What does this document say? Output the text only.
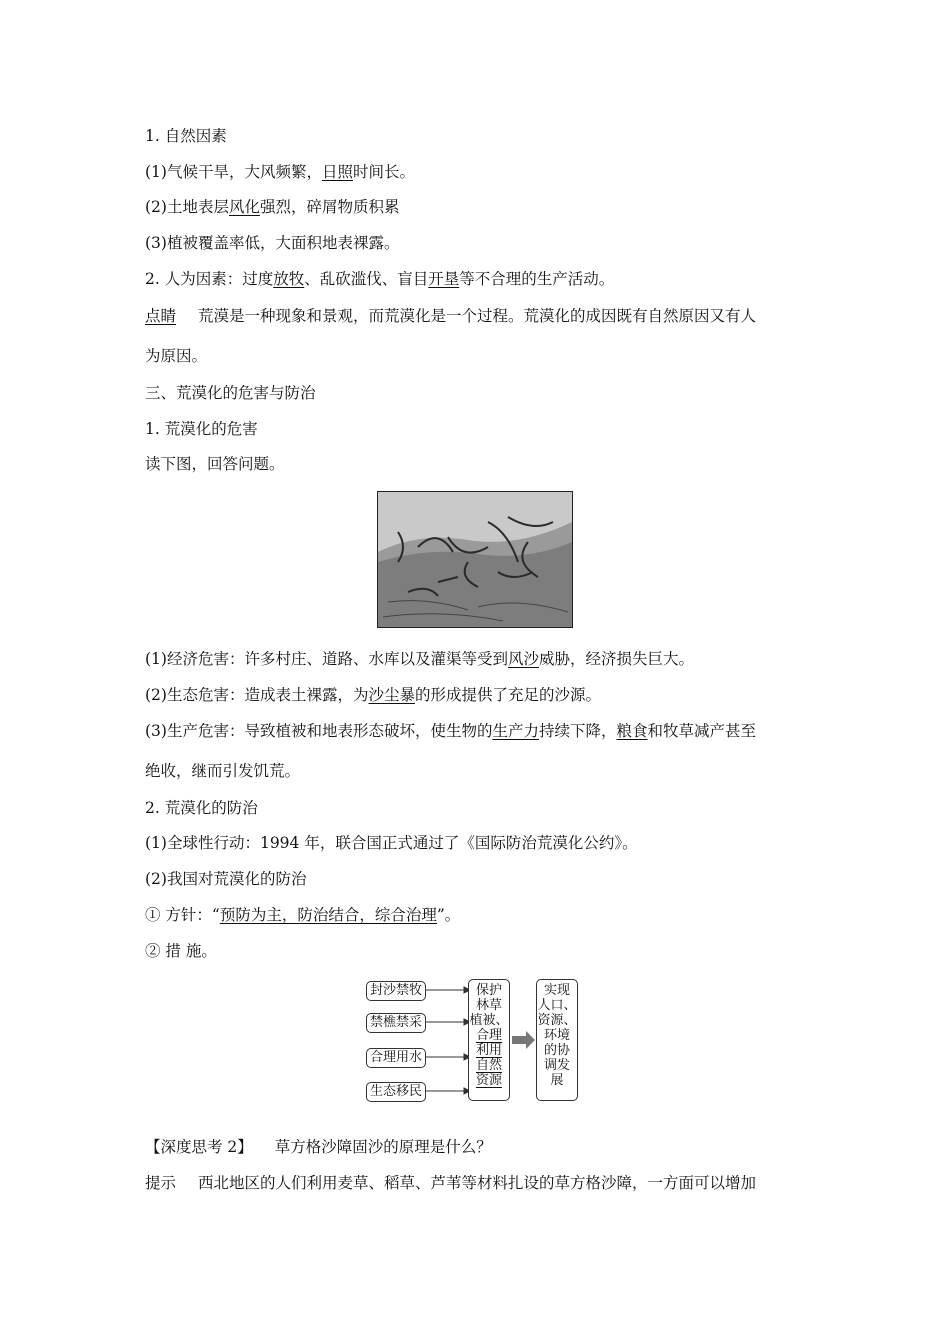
1. 自然因素
(1)气候干旱，大风频繁，日照时间长。
(2)土地表层风化强烈，碎屑物质积累
(3)植被覆盖率低，大面积地表裸露。
2. 人为因素：过度放牧、乱砍滥伐、盲目开垦等不合理的生产活动。
点睛 荒漠是一种现象和景观，而荒漠化是一个过程。荒漠化的成因既有自然原因又有人
为原因。
三、荒漠化的危害与防治
1. 荒漠化的危害
读下图，回答问题。
(1)经济危害：许多村庄、道路、水库以及灌渠等受到风沙威胁，经济损失巨大。
(2)生态危害：造成表土裸露，为沙尘暴的形成提供了充足的沙源。
(3)生产危害：导致植被和地表形态破坏，使生物的生产力持续下降，粮食和牧草减产甚至
绝收，继而引发饥荒。
2. 荒漠化的防治
(1)全球性行动：1994 年，联合国正式通过了《国际防治荒漠化公约》。
(2)我国对荒漠化的防治
① 方针：“预防为主，防治结合，综合治理”。
② 措 施。
封沙禁牧
禁樵禁采
合理用水
生态移民
保护
林草
植被、
合理
利用
自然
资源
实现
人口、
资源、
环境
的协
调发
展
【深度思考 2】 草方格沙障固沙的原理是什么？
提示 西北地区的人们利用麦草、稻草、芦苇等材料扎设的草方格沙障，一方面可以增加
